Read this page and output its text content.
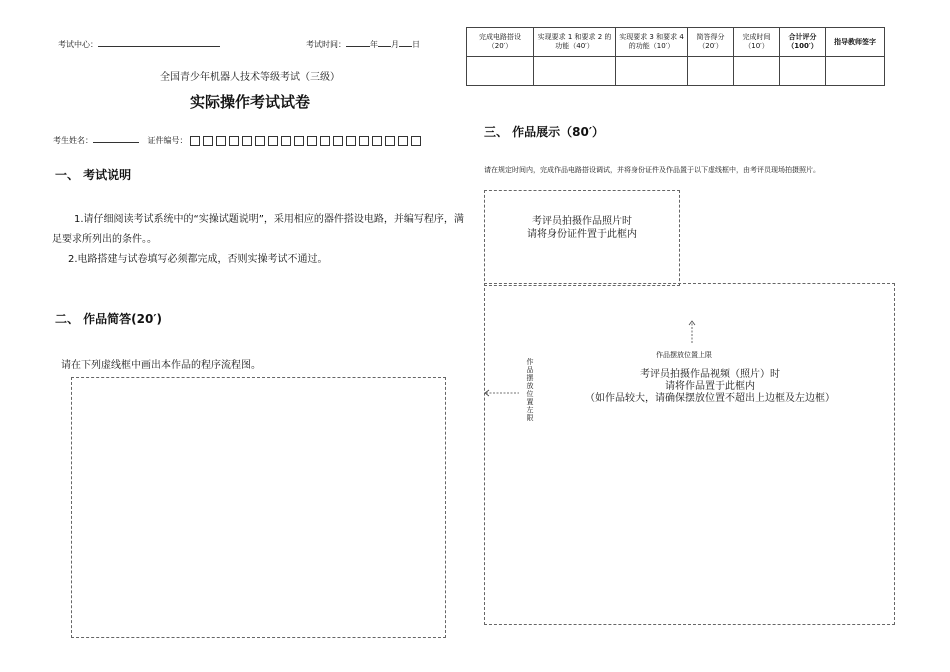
考试中心：	考试时间：	年 月 日
全国青少年机器人技术等级考试（三级）
实际操作考试试卷
考生姓名：	证件编号：
一、 考试说明
1.请仔细阅读考试系统中的“实操试题说明”，采用相应的器件搭设电路，并编写程序，满足要求所列出的条件。。
2.电路搭建与试卷填写必须都完成，否则实操考试不通过。
二、 作品简答(20′)
请在下列虚线框中画出本作品的程序流程图。
完成电路搭设（20′）	实现要求 1 和要求 2 的功能（40′）	实现要求 3 和要求 4 的功能（10′）	简答得分（20′）	完成时间（10′）	合计评分（100′）	指导教师签字

三、 作品展示（80′）
请在规定时间内，完成作品电路搭设调试，并将身份证件及作品置于以下虚线框中，由考评员现场拍摄照片。
考评员拍摄作品照片时
请将身份证件置于此框内
作品摆放位置上限
作品摆放位置左限	考评员拍摄作品视频（照片）时
请将作品置于此框内
（如作品较大，请确保摆放位置不超出上边框及左边框）
